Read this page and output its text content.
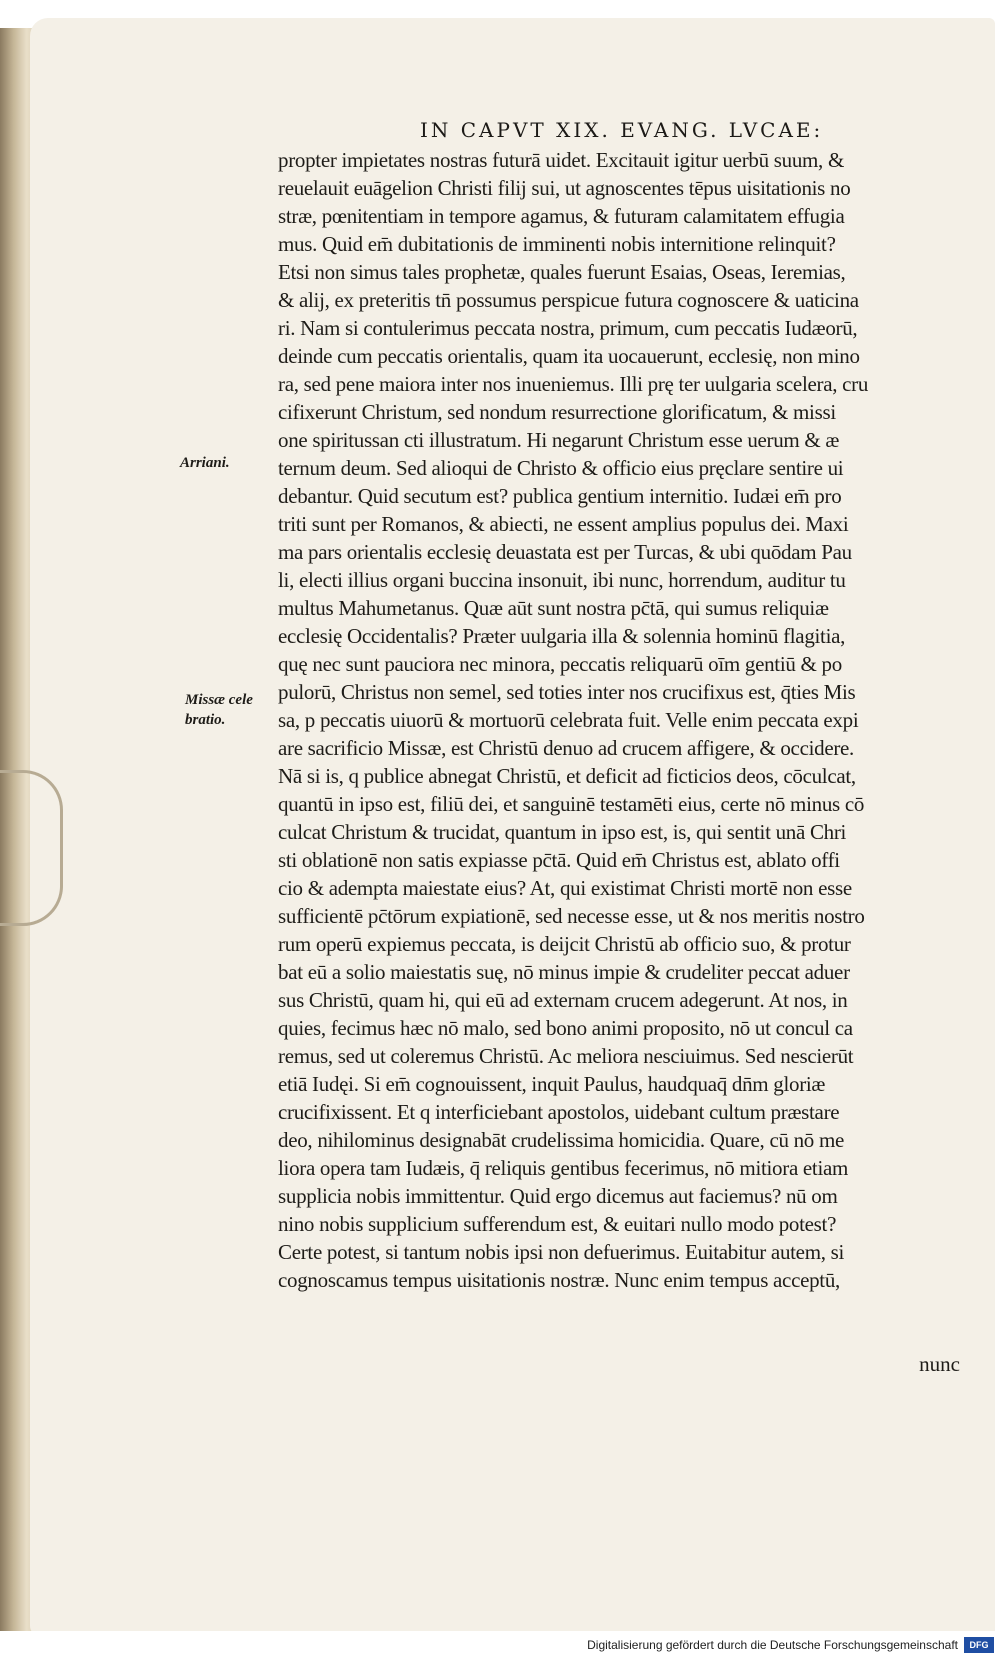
IN CAPVT XIX. EVANG. LVCAE:
propter impietates nostras futurā uidet. Excitauit igitur uerbū suum, &
reuelauit euāgelion Christi filij sui, ut agnoscentes tēpus uisitationis no
stræ, pœnitentiam in tempore agamus, & futuram calamitatem effugia
mus. Quid em̄ dubitationis de imminenti nobis internitione relinquit?
Etsi non simus tales prophetæ, quales fuerunt Esaias, Oseas, Ieremias,
& alij, ex preteritis tn̄ possumus perspicue futura cognoscere & uaticina
ri. Nam si contulerimus peccata nostra, primum, cum peccatis Iudæorū,
deinde cum peccatis orientalis, quam ita uocauerunt, ecclesię, non mino
ra, sed pene maiora inter nos inueniemus. Illi prę ter uulgaria scelera, cru
cifixerunt Christum, sed nondum resurrectione glorificatum, & missi
one spiritussan cti illustratum. Hi negarunt Christum esse uerum & æ
ternum deum. Sed alioqui de Christo & officio eius pręclare sentire ui
debantur. Quid secutum est? publica gentium internitio. Iudæi em̄ pro
triti sunt per Romanos, & abiecti, ne essent amplius populus dei. Maxi
ma pars orientalis ecclesię deuastata est per Turcas, & ubi quōdam Pau
li, electi illius organi buccina insonuit, ibi nunc, horrendum, auditur tu
multus Mahumetanus. Quæ aūt sunt nostra pc̄tā, qui sumus reliquiæ
ecclesię Occidentalis? Præter uulgaria illa & solennia hominū flagitia,
quę nec sunt pauciora nec minora, peccatis reliquarū oīm gentiū & po
pulorū, Christus non semel, sed toties inter nos crucifixus est, q̄ties Mis
sa, p peccatis uiuorū & mortuorū celebrata fuit. Velle enim peccata expi
are sacrificio Missæ, est Christū denuo ad crucem affigere, & occidere.
Nā si is, q publice abnegat Christū, et deficit ad ficticios deos, cōculcat,
quantū in ipso est, filiū dei, et sanguinē testamēti eius, certe nō minus cō
culcat Christum & trucidat, quantum in ipso est, is, qui sentit unā Chri
sti oblationē non satis expiasse pc̄tā. Quid em̄ Christus est, ablato offi
cio & adempta maiestate eius? At, qui existimat Christi mortē non esse
sufficientē pc̄tōrum expiationē, sed necesse esse, ut & nos meritis nostro
rum operū expiemus peccata, is deijcit Christū ab officio suo, & protur
bat eū a solio maiestatis suę, nō minus impie & crudeliter peccat aduer
sus Christū, quam hi, qui eū ad externam crucem adegerunt. At nos, in
quies, fecimus hæc nō malo, sed bono animi proposito, nō ut concul ca
remus, sed ut coleremus Christū. Ac meliora nesciuimus. Sed nescierūt
etiā Iudęi. Si em̄ cognouissent, inquit Paulus, haudquaq̄ dn̄m gloriæ
crucifixissent. Et q interficiebant apostolos, uidebant cultum præstare
deo, nihilominus designabāt crudelissima homicidia. Quare, cū nō me
liora opera tam Iudæis, q̄ reliquis gentibus fecerimus, nō mitiora etiam
supplicia nobis immittentur. Quid ergo dicemus aut faciemus? nū om
nino nobis supplicium sufferendum est, & euitari nullo modo potest?
Certe potest, si tantum nobis ipsi non defuerimus. Euitabitur autem, si
cognoscamus tempus uisitationis nostræ. Nunc enim tempus acceptū,
Arriani.
Missæ cele
bratio.
nunc
Digitalisierung gefördert durch die Deutsche Forschungsgemeinschaft	DFG
